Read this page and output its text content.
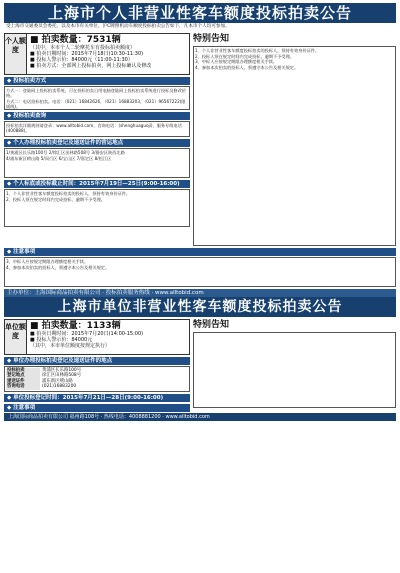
上海市个人非营业性客车额度投标拍卖公告
受上海市交通委员会委托，以及本市有关单位，沪C牌照机动车额度投标拍卖公告如下，凡本市个人均可参加。
个人额度
■ 拍卖数量：7531辆
（其中，本市个人二轮摩托车有投标拍卖额度）
■ 拍卖日期时间：2015年7月18日(10:30-11:30)
■ 投标人警示价：84000元（11:00-11:30）
■ 拍卖方式：全部网上投标拍卖，网上投标确认及修改
◆ 投标拍卖方式

方式一：登陆网上投标拍卖系统，可在投标拍卖日用电脑登陆网上投标拍卖系统进行投标及修改价格。

方式二：电话投标拍卖。电话：（021）16842626，（021）16883203，（021）96567222(限插线)。

◆ 投标拍卖查询
投标拍卖详细规则请登录：www.alltobid.com，咨询电话：(shenghuaguoji)，服务专线电话(400888)。
◆ 个人办理投标拍卖登记及递送证件的营运地点

1/黄浦区长乐路100号 2/徐汇区田林路508号 3/静安区陕西北路

4/浦东新区崂山路 5/闵行区 6/宝山区 7/嘉定区 8/松江区

◆ 个人标底或投标截止时间：2015年7月19日—25日(9:00-16:00)

1、个人非营业性客车额度投标拍卖的投标人，须持有效身份证件。

2、投标人须在规定时间内完成投标，逾期不予受理。

特别告知

1、个人非营业性客车额度投标拍卖的投标人，须持有效身份证件。

2、投标人须在规定时间内完成投标，逾期不予受理。

3、中标人应按规定期限办理额度相关手续。

4、参加本次拍卖的投标人，须遵守本公告及相关规定。

◆ 注意事项

3、中标人应按规定期限办理额度相关手续。

4、参加本次拍卖的投标人，须遵守本公告及相关规定。

主办单位：上海国际商品拍卖有限公司 · 投标拍卖服务热线 · www.alltobid.com
上海市单位非营业性客车额度投标拍卖公告
单位额度
■ 拍卖数量：1133辆
■ 拍卖日期时间：2015年7月20日(14:00-15:00)
■ 投标人警示价：84000元
（其中，本市单位额度按规定执行）
◆ 单位办理投标拍卖登记及递送证件的地点
投标拍卖	黄浦区长乐路100号
登记地点	徐汇区田林路508号
递送证件	浦东新区崂山路
咨询电话	(021)16883200
◆ 单位投标登记时间：2015年7月21日—28日(9:00-16:00)
◆ 注意事项
特别告知
上海国际商品拍卖有限公司 福州路108号 · 热线电话：4008881200 · www.alltobid.com
